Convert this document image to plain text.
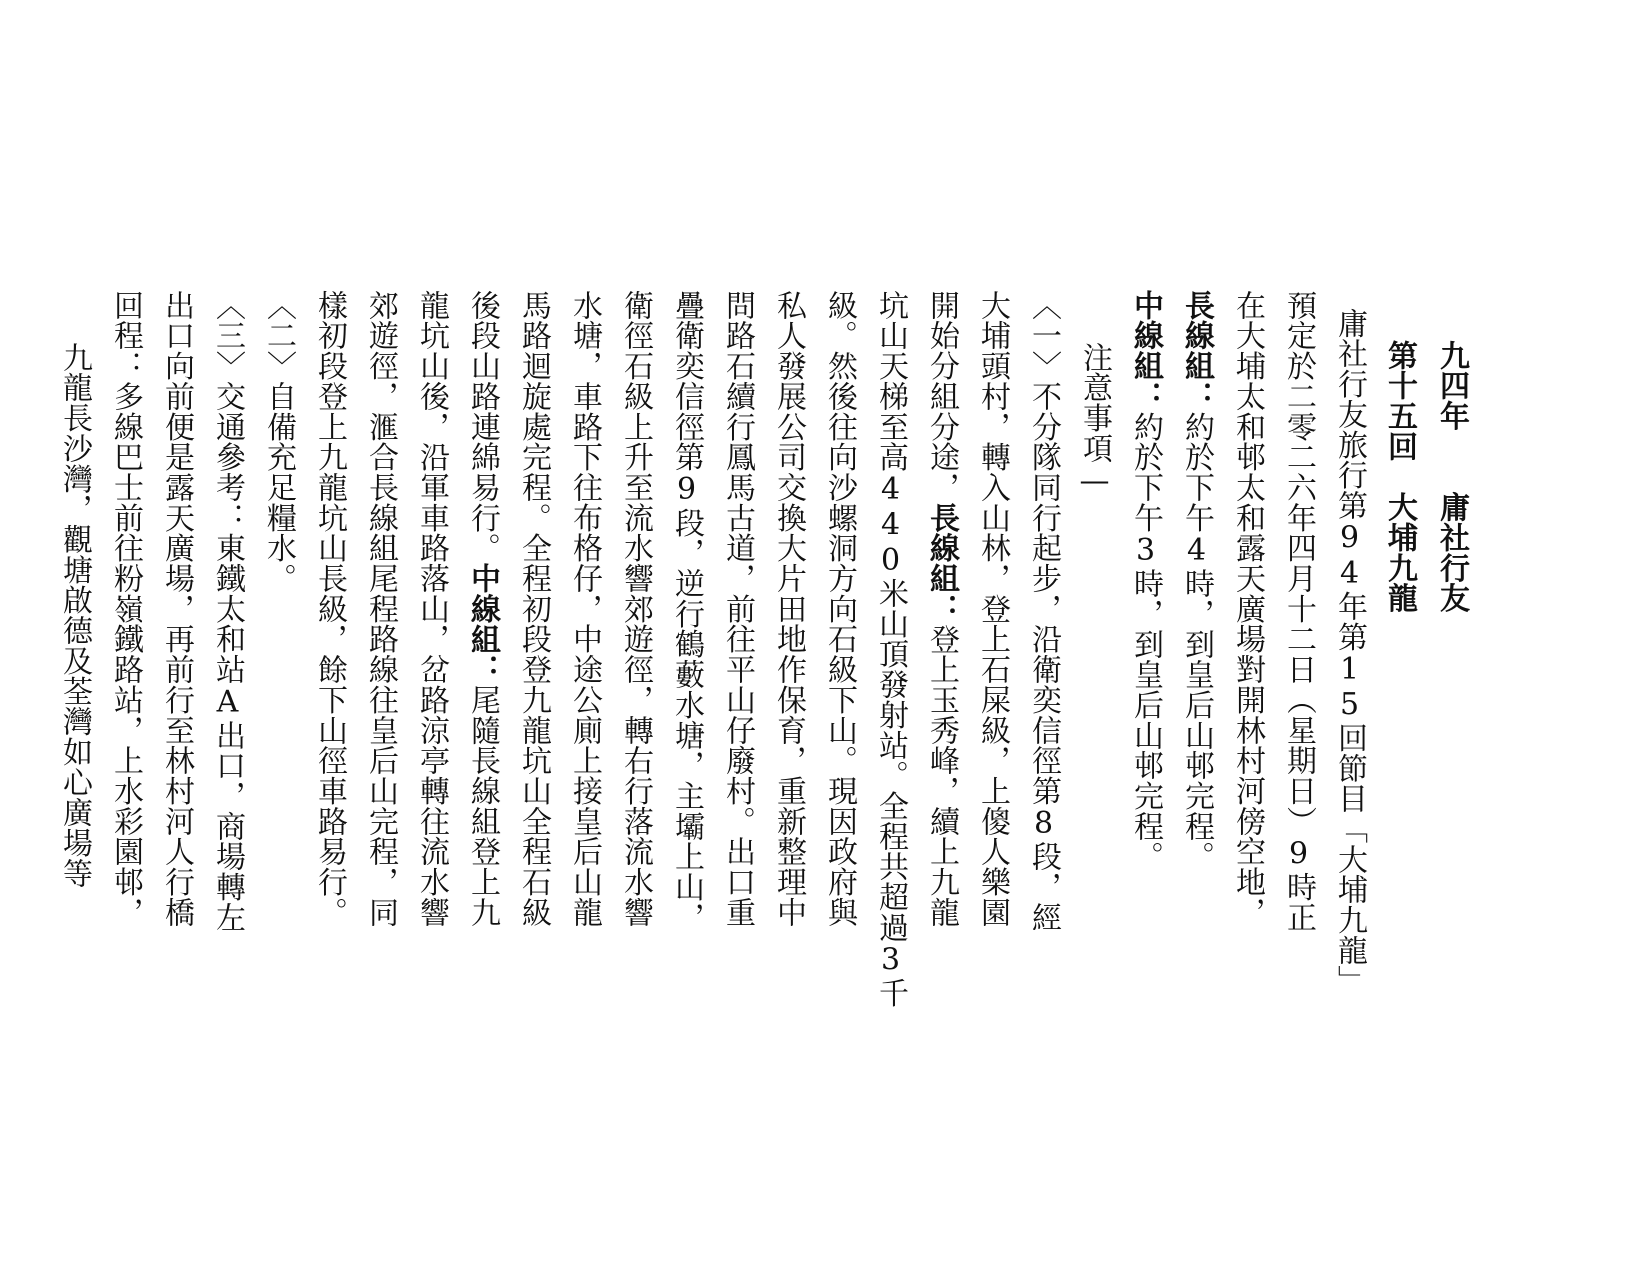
九四年　　庸社行友
第十五回　大埔九龍
庸社行友旅行第94年第15回節目「大埔九龍」
預定於二零二六年四月十二日（星期日）9時正
在大埔太和邨太和露天廣場對開林村河傍空地，
長線組：約於下午4時，到皇后山邨完程。
中線組：約於下午3時，到皇后山邨完程。
注意事項—
〈一〉不分隊同行起步，沿衛奕信徑第8段，經
大埔頭村，轉入山林，登上石屎級，上傻人樂園
開始分組分途，長線組：登上玉秀峰，續上九龍
坑山天梯至高440米山頂發射站。全程共超過3千
級。然後往向沙螺洞方向石級下山。現因政府與
私人發展公司交換大片田地作保育，重新整理中
問路石續行鳳馬古道，前往平山仔廢村。出口重
疊衛奕信徑第9段，逆行鶴藪水塘，主壩上山，
衛徑石級上升至流水響郊遊徑，轉右行落流水響
水塘，車路下往布格仔，中途公廁上接皇后山龍
馬路迴旋處完程。全程初段登九龍坑山全程石級
後段山路連綿易行。中線組：尾隨長線組登上九
龍坑山後，沿軍車路落山，岔路涼亭轉往流水響
郊遊徑，滙合長線組尾程路線往皇后山完程，同
樣初段登上九龍坑山長級，餘下山徑車路易行。
〈二〉自備充足糧水。
〈三〉交通參考：東鐵太和站A出口，商場轉左
出口向前便是露天廣場，再前行至林村河人行橋
回程：多線巴士前往粉嶺鐵路站，上水彩園邨，
九龍長沙灣，觀塘啟德及荃灣如心廣場等
